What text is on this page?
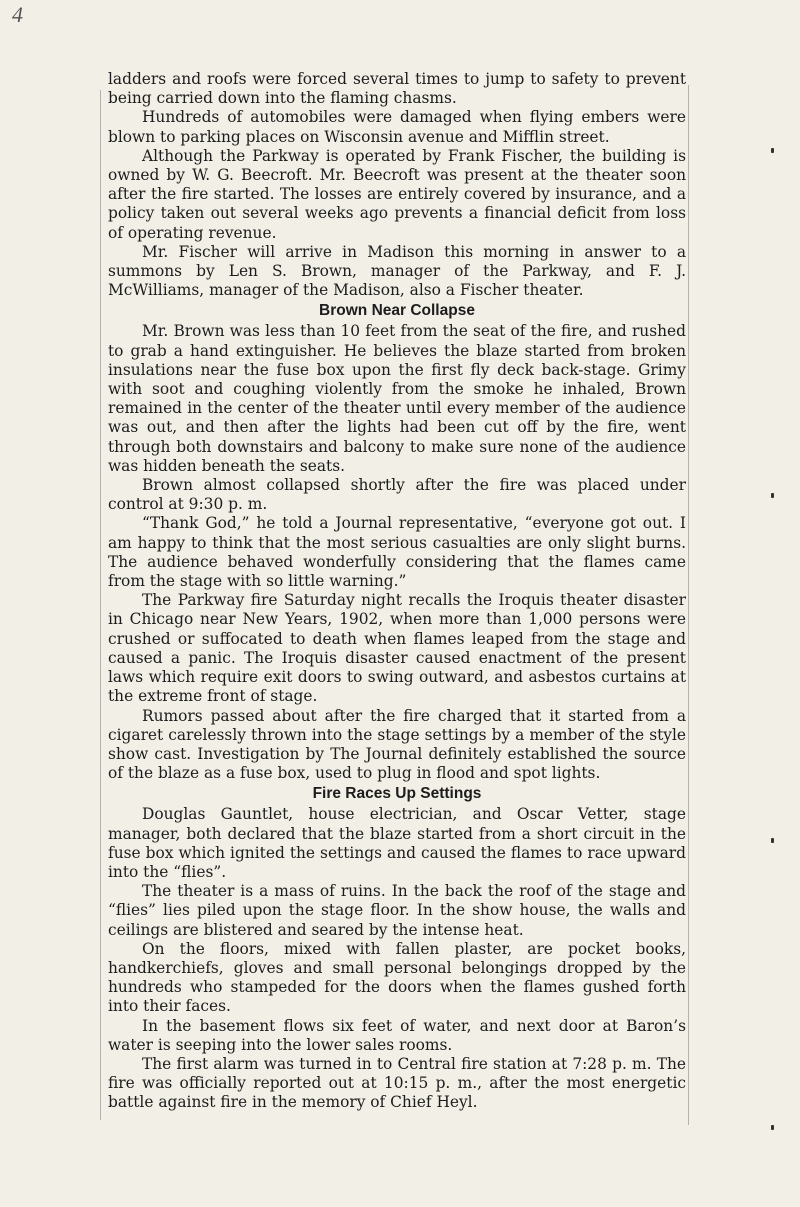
4

ladders and roofs were forced several times to jump to safety to prevent being carried down into the flaming chasms.

Hundreds of automobiles were damaged when flying embers were blown to parking places on Wisconsin avenue and Mifflin street.

Although the Parkway is operated by Frank Fischer, the building is owned by W. G. Beecroft. Mr. Beecroft was present at the theater soon after the fire started. The losses are entirely covered by insurance, and a policy taken out several weeks ago prevents a financial deficit from loss of operating revenue.

Mr. Fischer will arrive in Madison this morning in answer to a summons by Len S. Brown, manager of the Parkway, and F. J. McWilliams, manager of the Madison, also a Fischer theater.

Brown Near Collapse

Mr. Brown was less than 10 feet from the seat of the fire, and rushed to grab a hand extinguisher. He believes the blaze started from broken insulations near the fuse box upon the first fly deck back-stage. Grimy with soot and coughing violently from the smoke he inhaled, Brown remained in the center of the theater until every member of the audience was out, and then after the lights had been cut off by the fire, went through both downstairs and balcony to make sure none of the audience was hidden beneath the seats.

Brown almost collapsed shortly after the fire was placed under control at 9:30 p. m.

“Thank God,” he told a Journal representative, “everyone got out. I am happy to think that the most serious casualties are only slight burns. The audience behaved wonderfully considering that the flames came from the stage with so little warning.”

The Parkway fire Saturday night recalls the Iroquis theater disaster in Chicago near New Years, 1902, when more than 1,000 persons were crushed or suffocated to death when flames leaped from the stage and caused a panic. The Iroquis disaster caused enactment of the present laws which require exit doors to swing outward, and asbestos curtains at the extreme front of stage.

Rumors passed about after the fire charged that it started from a cigaret carelessly thrown into the stage settings by a member of the style show cast. Investigation by The Journal definitely established the source of the blaze as a fuse box, used to plug in flood and spot lights.

Fire Races Up Settings

Douglas Gauntlet, house electrician, and Oscar Vetter, stage manager, both declared that the blaze started from a short circuit in the fuse box which ignited the settings and caused the flames to race upward into the “flies”.

The theater is a mass of ruins. In the back the roof of the stage and “flies” lies piled upon the stage floor. In the show house, the walls and ceilings are blistered and seared by the intense heat.

On the floors, mixed with fallen plaster, are pocket books, handkerchiefs, gloves and small personal belongings dropped by the hundreds who stampeded for the doors when the flames gushed forth into their faces.

In the basement flows six feet of water, and next door at Baron’s water is seeping into the lower sales rooms.

The first alarm was turned in to Central fire station at 7:28 p. m. The fire was officially reported out at 10:15 p. m., after the most energetic battle against fire in the memory of Chief Heyl.
